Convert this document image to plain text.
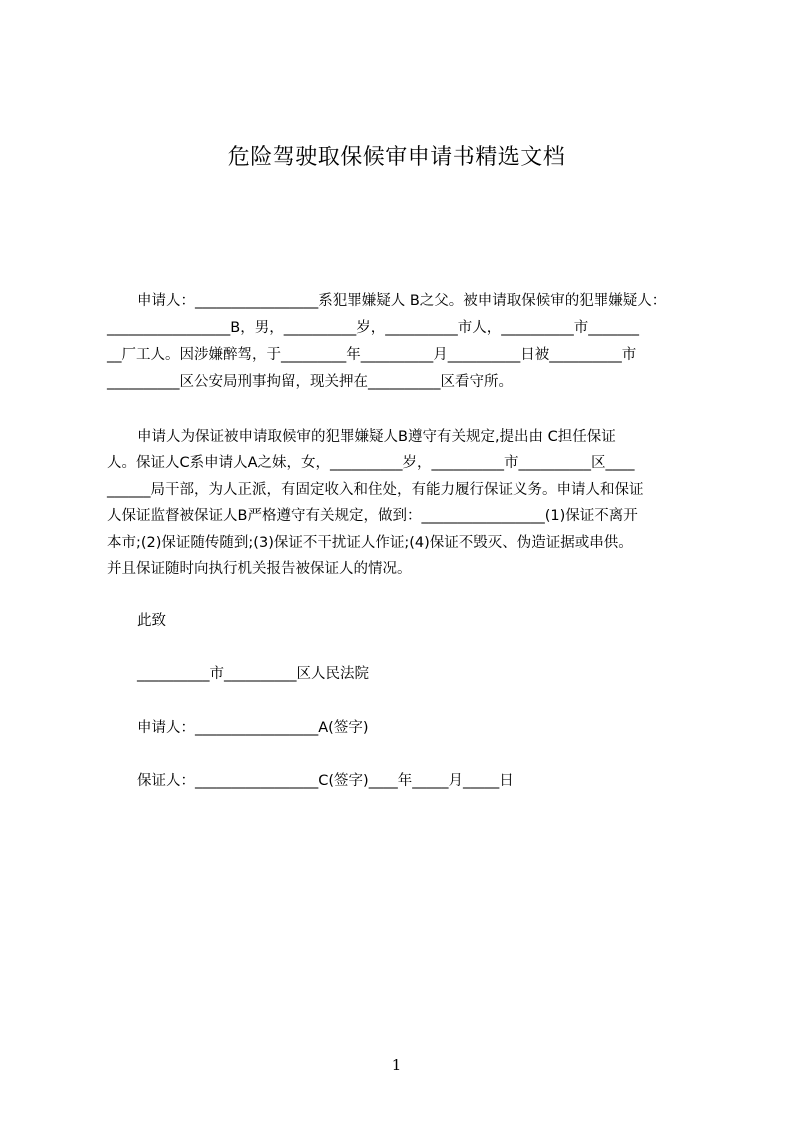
危险驾驶取保候审申请书精选文档
申请人：_________________系犯罪嫌疑人 B之父。被申请取保候审的犯罪嫌疑人：
_________________B，男，__________岁，__________市人，__________市_______
__厂工人。因涉嫌醉驾，于_________年__________月__________日被__________市
__________区公安局刑事拘留，现关押在__________区看守所。
申请人为保证被申请取候审的犯罪嫌疑人B遵守有关规定,提出由 C担任保证
人。保证人C系申请人A之妹，女，__________岁，__________市__________区____
______局干部，为人正派，有固定收入和住处，有能力履行保证义务。申请人和保证
人保证监督被保证人B严格遵守有关规定，做到：_________________(1)保证不离开
本市;(2)保证随传随到;(3)保证不干扰证人作证;(4)保证不毁灭、伪造证据或串供。
并且保证随时向执行机关报告被保证人的情况。
此致
__________市__________区人民法院
申请人：_________________A(签字)
保证人：_________________C(签字)____年_____月_____日
1
